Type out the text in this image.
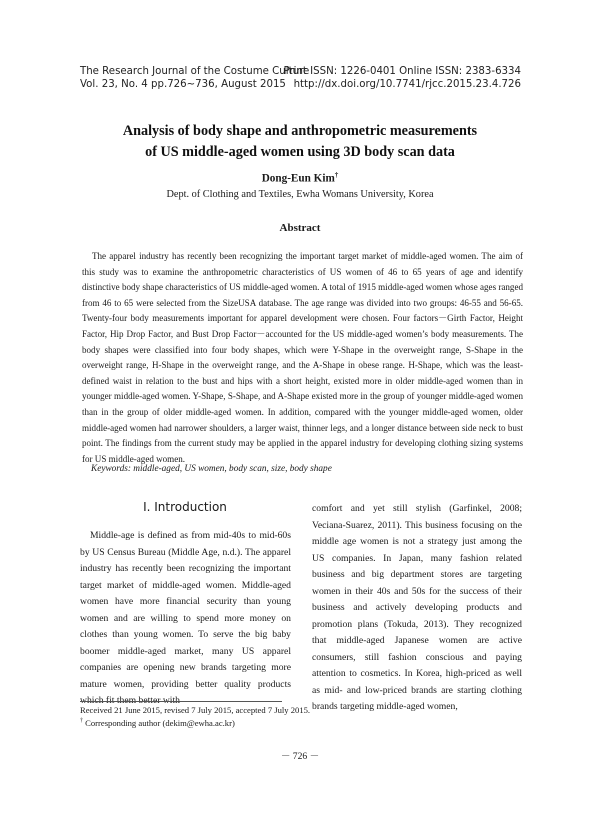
The Research Journal of the Costume Culture
Vol. 23, No. 4 pp.726~736, August 2015
Print ISSN: 1226-0401 Online ISSN: 2383-6334
http://dx.doi.org/10.7741/rjcc.2015.23.4.726
Analysis of body shape and anthropometric measurements
of US middle-aged women using 3D body scan data
Dong-Eun Kim†
Dept. of Clothing and Textiles, Ewha Womans University, Korea
Abstract

The apparel industry has recently been recognizing the important target market of middle-aged women. The aim of this study was to examine the anthropometric characteristics of US women of 46 to 65 years of age and identify distinctive body shape characteristics of US middle-aged women. A total of 1915 middle-aged women whose ages ranged from 46 to 65 were selected from the SizeUSA database. The age range was divided into two groups: 46-55 and 56-65. Twenty-four body measurements important for apparel development were chosen. Four factors－Girth Factor, Height Factor, Hip Drop Factor, and Bust Drop Factor－accounted for the US middle-aged women’s body measurements. The body shapes were classified into four body shapes, which were Y-Shape in the overweight range, S-Shape in the overweight range, H-Shape in the overweight range, and the A-Shape in obese range. H-Shape, which was the least-defined waist in relation to the bust and hips with a short height, existed more in older middle-aged women than in younger middle-aged women. Y-Shape, S-Shape, and A-Shape existed more in the group of younger middle-aged women than in the group of older middle-aged women. In addition, compared with the younger middle-aged women, older middle-aged women had narrower shoulders, a larger waist, thinner legs, and a longer distance between side neck to bust point. The findings from the current study may be applied in the apparel industry for developing clothing sizing systems for US middle-aged women.

Keywords: middle-aged, US women, body scan, size, body shape
I. Introduction

Middle-age is defined as from mid-40s to mid-60s by US Census Bureau (Middle Age, n.d.). The apparel industry has recently been recognizing the important target market of middle-aged women. Middle-aged women have more financial security than young women and are willing to spend more money on clothes than young women. To serve the big baby boomer middle-aged market, many US apparel companies are opening new brands targeting more mature women, providing better quality products which fit them better with

comfort and yet still stylish (Garfinkel, 2008; Veciana-Suarez, 2011). This business focusing on the middle age women is not a strategy just among the US companies. In Japan, many fashion related business and big department stores are targeting women in their 40s and 50s for the success of their business and actively developing products and promotion plans (Tokuda, 2013). They recognized that middle-aged Japanese women are active consumers, still fashion conscious and paying attention to cosmetics. In Korea, high-priced as well as mid- and low-priced brands are starting clothing brands targeting middle-aged women,

Received 21 June 2015, revised 7 July 2015, accepted 7 July 2015.
† Corresponding author (dekim@ewha.ac.kr)
－ 726 －
